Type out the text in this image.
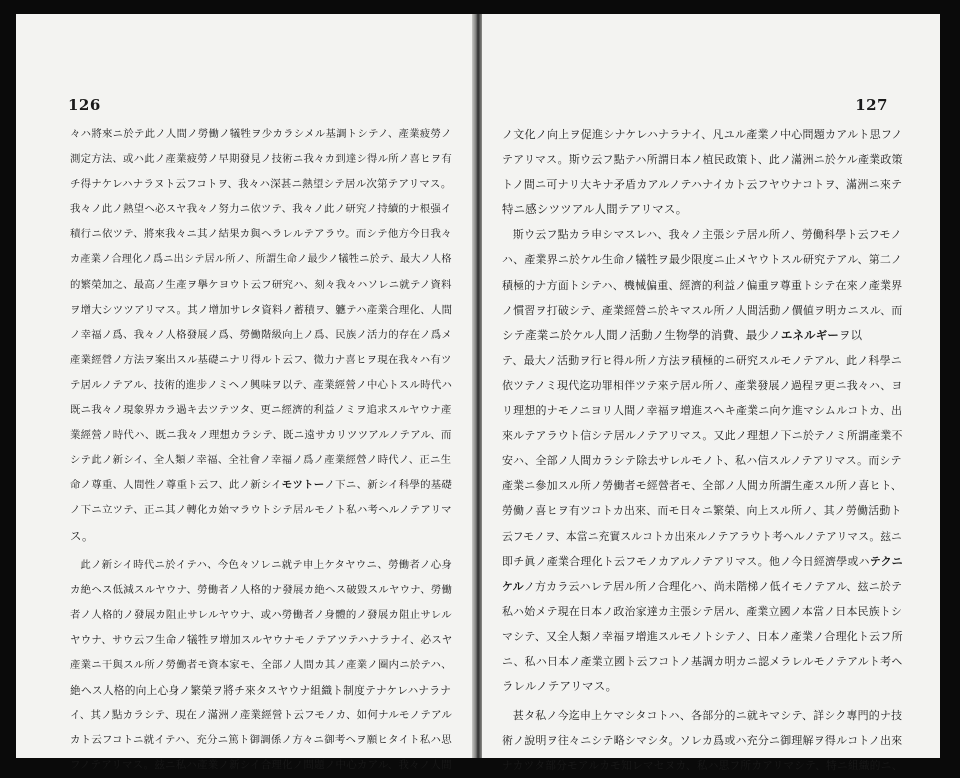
126
々ハ將來ニ於テ此ノ人間ノ勞働ノ犠牲ヲ少カラシメル基調トシテノ、產業疲勞ノ
測定方法、或ハ此ノ產業疲勞ノ早期發見ノ技術ニ我々カ到達シ得ル所ノ喜ヒヲ有
チ得ナケレハナラヌト云フコトヲ、我々ハ深甚ニ熱望シテ居ル次第テアリマス。
我々ノ此ノ熱望ヘ必スヤ我々ノ努力ニ依ツテ、我々ノ此ノ研究ノ持續的ナ根强イ
積行ニ依ツテ、將來我々ニ其ノ結果カ與ヘラレルテアラウ。而シテ他方今日我々
カ產業ノ合理化ノ爲ニ出シテ居ル所ノ、所謂生命ノ最少ノ犠牲ニ於テ、最大ノ人格
的繁榮加之、最高ノ生產ヲ擧ケヨウト云フ研究ハ、刻々我々ハソレニ就テノ資料
ヲ增大シツツアリマス。其ノ增加サレタ資料ノ蓄積ヲ、軈テハ產業合理化、人間
ノ幸福ノ爲、我々ノ人格發展ノ爲、勞働階級向上ノ爲、民族ノ活力的存在ノ爲メ
產業經營ノ方法ヲ案出スル基礎ニナリ得ルト云フ、微力ナ喜ヒヲ現在我々ハ有ツ
テ居ルノテアル、技術的進步ノミヘノ興味ヲ以テ、產業經營ノ中心トスル時代ハ
既ニ我々ノ現象界カラ過キ去ツテツタ、更ニ經濟的利益ノミヲ追求スルヤウナ產
業經營ノ時代ハ、既ニ我々ノ理想カラシテ、既ニ遠サカリツツアルノテアル、而
シテ此ノ新シイ、全人類ノ幸福、全社會ノ幸福ノ爲ノ產業經營ノ時代ノ、正ニ生
命ノ尊重、人間性ノ尊重ト云フ、此ノ新シイモツトーノ下ニ、新シイ科學的基礎
ノ下ニ立ツテ、正ニ其ノ轉化カ始マラウトシテ居ルモノト私ハ考ヘルノテアリマ
ス。
此ノ新シイ時代ニ於イテハ、今色々ソレニ就テ申上ケタヤウニ、勞働者ノ心身
カ絶ヘス低減スルヤウナ、勞働者ノ人格的ナ發展カ絶ヘス破毀スルヤウナ、勞働
者ノ人格的ノ發展カ阻止サレルヤウナ、或ハ勞働者ノ身體的ノ發展カ阻止サレル
ヤウナ、サウ云フ生命ノ犠牲ヲ增加スルヤウナモノテアツテハナラナイ、必スヤ
產業ニ干與スル所ノ勞働者モ資本家モ、全部ノ人間カ其ノ產業ノ圈内ニ於テハ、
絶ヘス人格的向上心身ノ繁榮ヲ將チ來タスヤウナ組織ト制度テナケレハナラナ
イ、其ノ點カラシテ、現在ノ滿洲ノ產業經營ト云フモノカ、如何ナルモノテアル
カト云フコトニ就イテハ、充分ニ篤ト御調係ノ方々ニ御考ヘヲ願ヒタイト私ハ思
フノテアリマス。玆ニ私ハ產業ノ新シイ合理化ノ問題ノ中心カアル、我々ノ人間
127
ノ文化ノ向上ヲ促進シナケレハナラナイ、凡ユル產業ノ中心問題カアルト思フノ
テアリマス。斯ウ云フ點テハ所謂日本ノ植民政策ト、此ノ滿洲ニ於ケル產業政策
トノ間ニ可ナリ大キナ矛盾カアルノテハナイカト云フヤウナコトヲ、滿洲ニ來テ
特ニ感シツツアル人間テアリマス。
斯ウ云フ點カラ申シマスレハ、我々ノ主張シテ居ル所ノ、勞働科學ト云フモノ
ハ、產業界ニ於ケル生命ノ犠牲ヲ最少限度ニ止メヤウトスル研究テアル、第二ノ
積極的ナ方面トシテハ、機械偏重、經濟的利益ノ偏重ヲ尊重トシテ在來ノ產業界
ノ慣習ヲ打破シテ、產業經營ニ於キマスル所ノ人間活動ノ價値ヲ明カニスル、而
シテ產業ニ於ケル人間ノ活動ノ生物學的消費、最少ノエネルギーヲ以
テ、最大ノ活動ヲ行ヒ得ル所ノ方法ヲ積極的ニ研究スルモノテアル、此ノ科學ニ
依ツテノミ現代迄功罪相伴ツテ來テ居ル所ノ、產業發展ノ過程ヲ更ニ我々ハ、ヨ
リ理想的ナモノニヨリ人間ノ幸福ヲ增進スヘキ產業ニ向ケ進マシムルコトカ、出
來ルテアラウト信シテ居ルノテアリマス。又此ノ理想ノ下ニ於テノミ所謂產業不
安ハ、全部ノ人間カラシテ除去サレルモノト、私ハ信スルノテアリマス。而シテ
產業ニ參加スル所ノ勞働者モ經營者モ、全部ノ人間カ所謂生產スル所ノ喜ヒト、
勞働ノ喜ヒヲ有ツコトカ出來、而モ日々ニ繁榮、向上スル所ノ、其ノ勞働活動ト
云フモノヲ、本當ニ充實スルコトカ出來ルノテアラウト考ヘルノテアリマス。玆ニ
即チ眞ノ產業合理化ト云フモノカアルノテアリマス。他ノ今日經濟學或ハテクニ
ケルノ方カラ云ハレテ居ル所ノ合理化ハ、尚未階梯ノ低イモノテアル、玆ニ於テ
私ハ始メテ現在日本ノ政治家達カ主張シテ居ル、產業立國ノ本當ノ日本民族トシ
マシテ、又全人類ノ幸福ヲ增進スルモノトシテノ、日本ノ產業ノ合理化ト云フ所
ニ、私ハ日本ノ產業立國ト云フコトノ基調カ明カニ認メラレルモノテアルト考ヘ
ラレルノテアリマス。
甚タ私ノ今迄申上ケマシタコトハ、各部分的ニ就キマシテ、詳シク專門的ナ技
術ノ說明ヲ往々ニシテ略シマシタ。ソレカ爲或ハ充分ニ御理解ヲ得ルコトノ出來
ナカツタ部分モアルカモ知レマセヌカ、私ハ思フ所カアリマシテ、特ニ組織的ニ、
